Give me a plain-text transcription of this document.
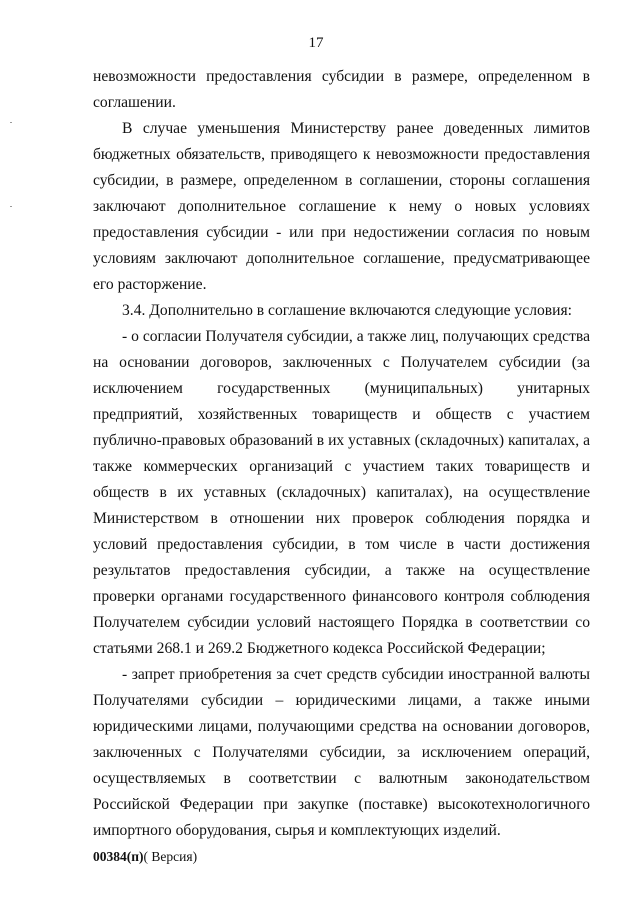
17

невозможности предоставления субсидии в размере, определенном в соглашении.

В случае уменьшения Министерству ранее доведенных лимитов бюджетных обязательств, приводящего к невозможности предоставления субсидии, в размере, определенном в соглашении, стороны соглашения заключают дополнительное соглашение к нему о новых условиях предоставления субсидии - или при недостижении согласия по новым условиям заключают дополнительное соглашение, предусматривающее его расторжение.

3.4. Дополнительно в соглашение включаются следующие условия:

- о согласии Получателя субсидии, а также лиц, получающих средства на основании договоров, заключенных с Получателем субсидии (за исключением государственных (муниципальных) унитарных предприятий, хозяйственных товариществ и обществ с участием публично-правовых образований в их уставных (складочных) капиталах, а также коммерческих организаций с участием таких товариществ и обществ в их уставных (складочных) капиталах), на осуществление Министерством в отношении них проверок соблюдения порядка и условий предоставления субсидии, в том числе в части достижения результатов предоставления субсидии, а также на осуществление проверки органами государственного финансового контроля соблюдения Получателем субсидии условий настоящего Порядка в соответствии со статьями 268.1 и 269.2 Бюджетного кодекса Российской Федерации;

- запрет приобретения за счет средств субсидии иностранной валюты Получателями субсидии – юридическими лицами, а также иными юридическими лицами, получающими средства на основании договоров, заключенных с Получателями субсидии, за исключением операций, осуществляемых в соответствии с валютным законодательством Российской Федерации при закупке (поставке) высокотехнологичного импортного оборудования, сырья и комплектующих изделий.

00384(п)( Версия)
